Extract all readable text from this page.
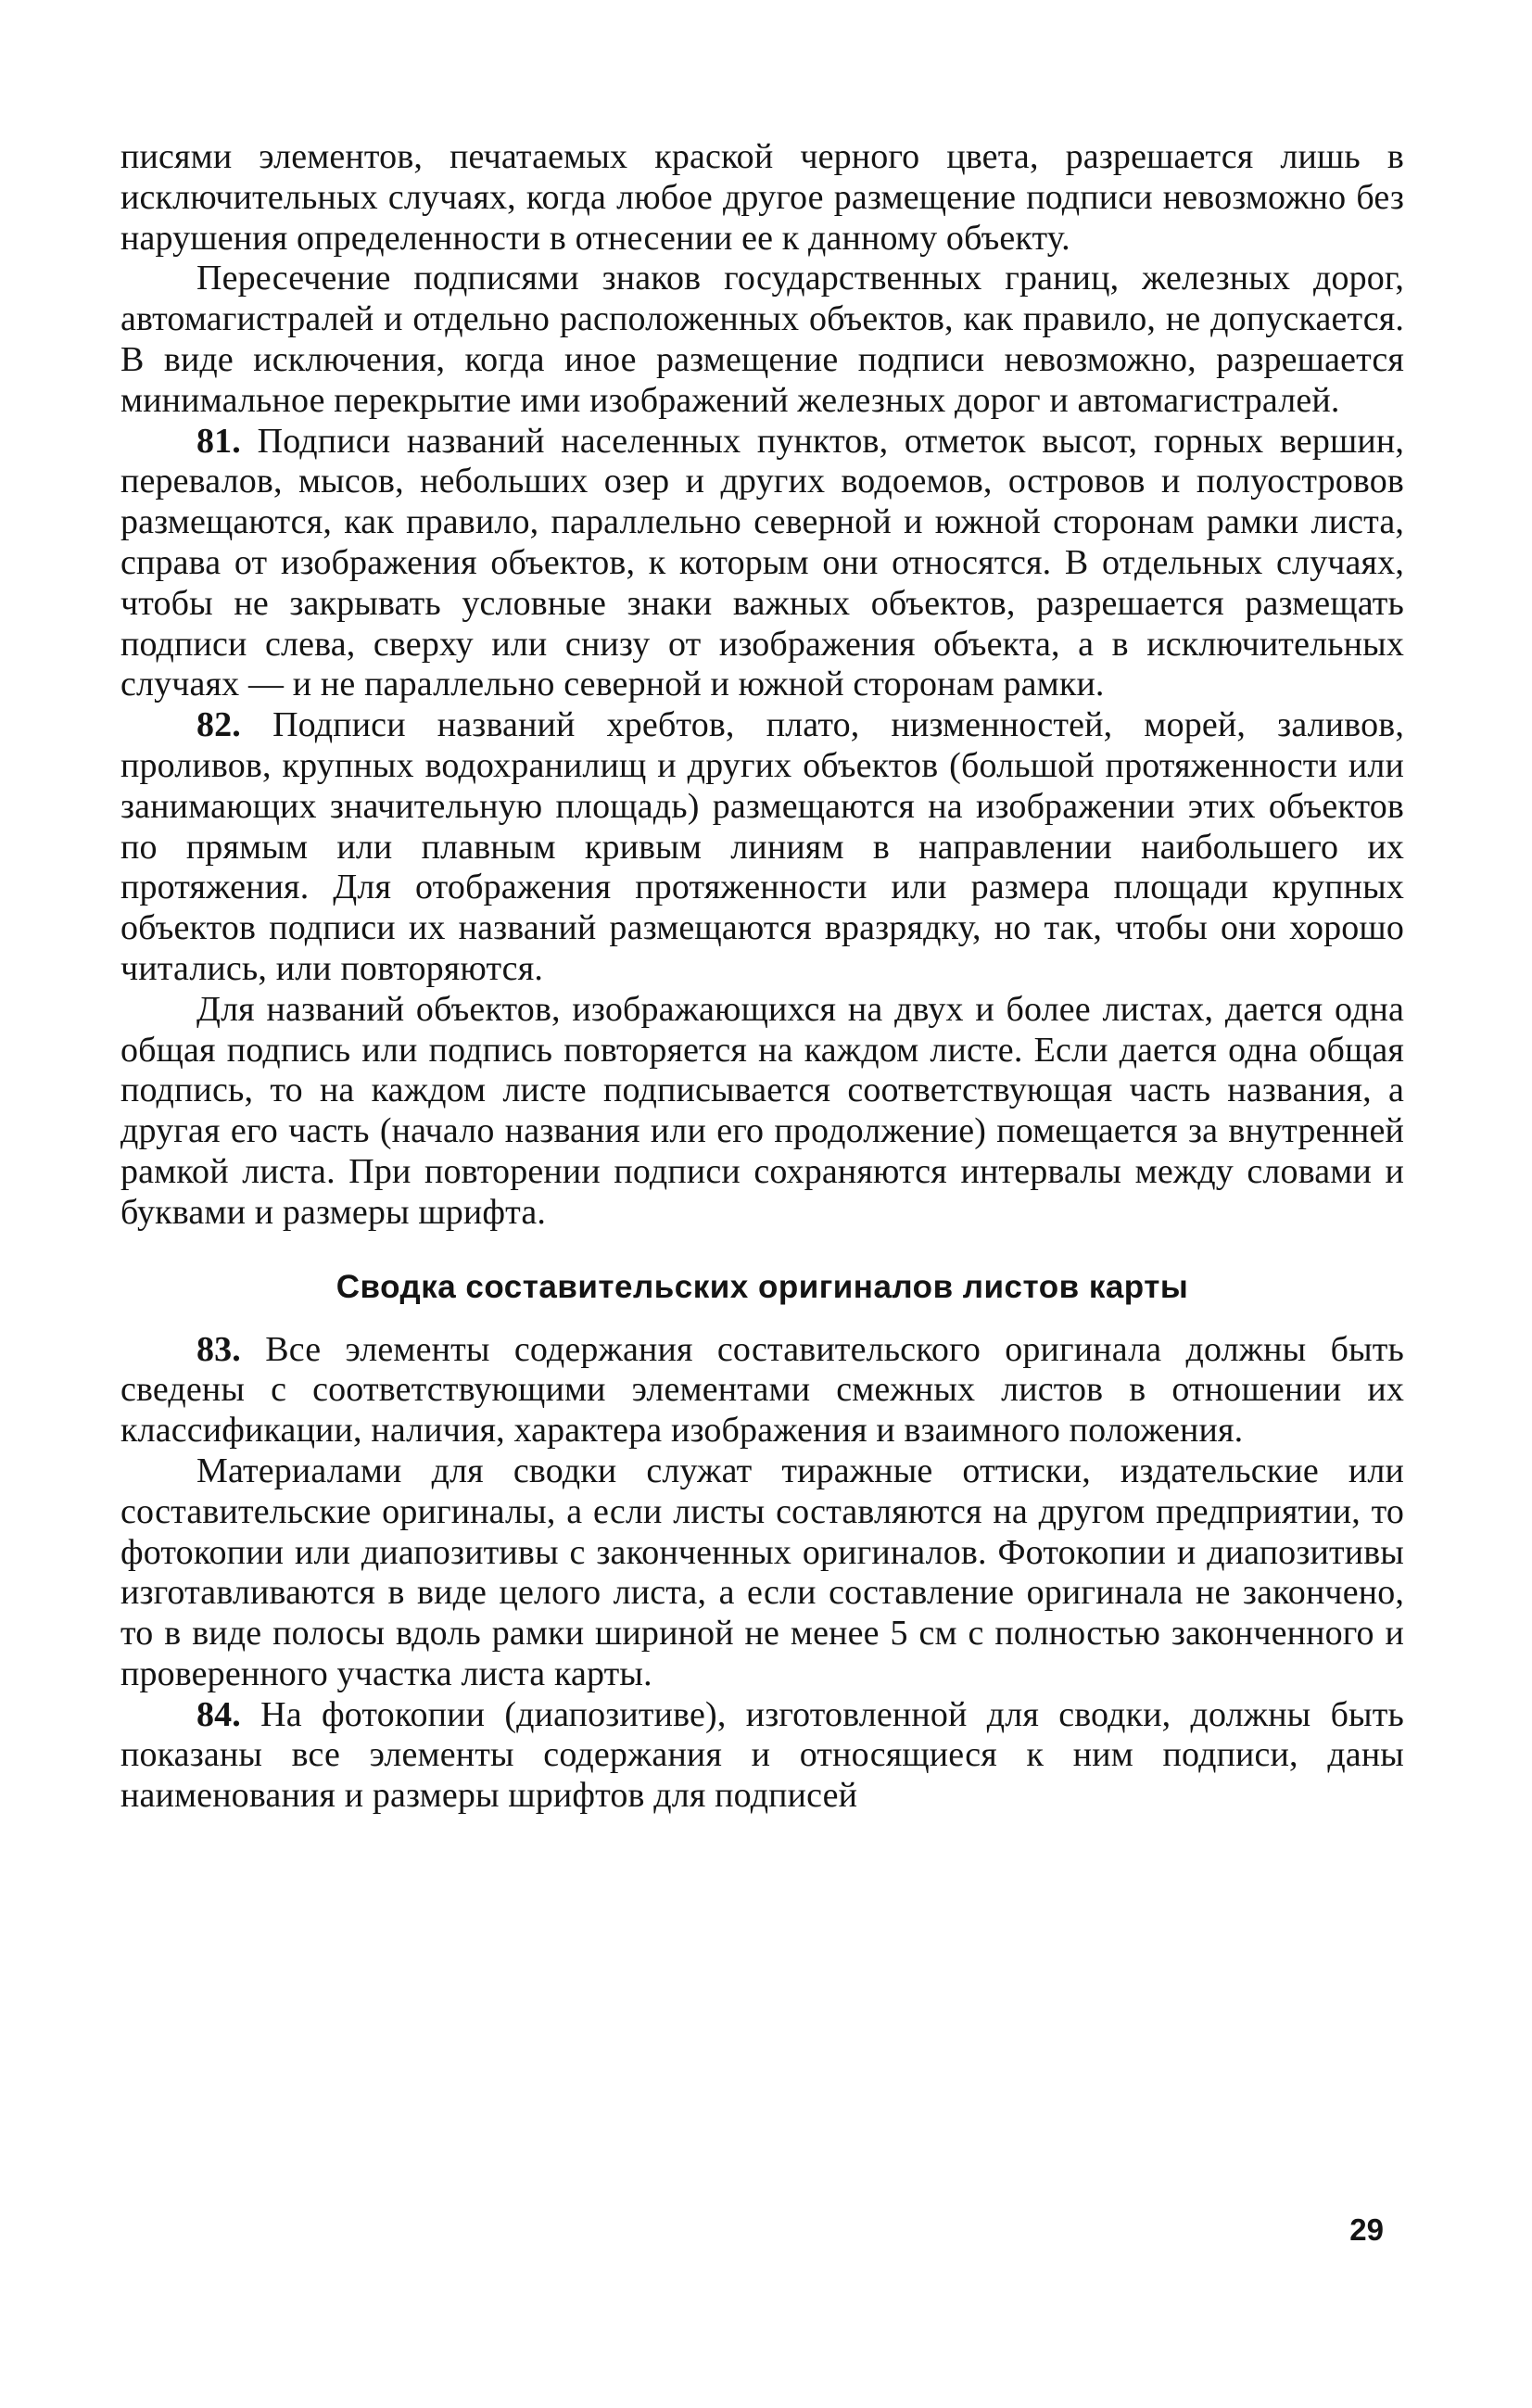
писями элементов, печатаемых краской черного цвета, разрешается лишь в исключительных случаях, когда любое другое размещение подписи невозможно без нарушения определенности в отнесении ее к данному объекту.

Пересечение подписями знаков государственных границ, железных дорог, автомагистралей и отдельно расположенных объектов, как правило, не допускается. В виде исключения, когда иное размещение подписи невозможно, разрешается минимальное перекрытие ими изображений железных дорог и автомагистралей.

81. Подписи названий населенных пунктов, отметок высот, горных вершин, перевалов, мысов, небольших озер и других водоемов, островов и полуостровов размещаются, как правило, параллельно северной и южной сторонам рамки листа, справа от изображения объектов, к которым они относятся. В отдельных случаях, чтобы не закрывать условные знаки важных объектов, разрешается размещать подписи слева, сверху или снизу от изображения объекта, а в исключительных случаях — и не параллельно северной и южной сторонам рамки.

82. Подписи названий хребтов, плато, низменностей, морей, заливов, проливов, крупных водохранилищ и других объектов (большой протяженности или занимающих значительную площадь) размещаются на изображении этих объектов по прямым или плавным кривым линиям в направлении наибольшего их протяжения. Для отображения протяженности или размера площади крупных объектов подписи их названий размещаются вразрядку, но так, чтобы они хорошо читались, или повторяются.

Для названий объектов, изображающихся на двух и более листах, дается одна общая подпись или подпись повторяется на каждом листе. Если дается одна общая подпись, то на каждом листе подписывается соответствующая часть названия, а другая его часть (начало названия или его продолжение) помещается за внутренней рамкой листа. При повторении подписи сохраняются интервалы между словами и буквами и размеры шрифта.

Сводка составительских оригиналов листов карты

83. Все элементы содержания составительского оригинала должны быть сведены с соответствующими элементами смежных листов в отношении их классификации, наличия, характера изображения и взаимного положения.

Материалами для сводки служат тиражные оттиски, издательские или составительские оригиналы, а если листы составляются на другом предприятии, то фотокопии или диапозитивы с законченных оригиналов. Фотокопии и диапозитивы изготавливаются в виде целого листа, а если составление оригинала не закончено, то в виде полосы вдоль рамки шириной не менее 5 см с полностью законченного и проверенного участка листа карты.

84. На фотокопии (диапозитиве), изготовленной для сводки, должны быть показаны все элементы содержания и относящиеся к ним подписи, даны наименования и размеры шрифтов для подписей

29
